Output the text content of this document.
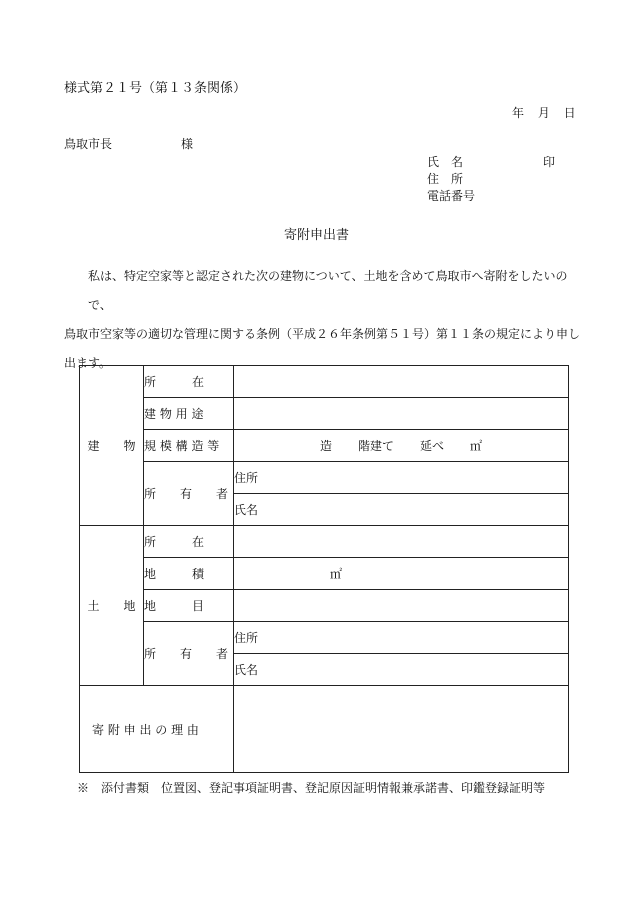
様式第２１号（第１３条関係）
年 月 日
鳥取市長	様
氏　名	印
住　所
電話番号
寄附申出書

私は、特定空家等と認定された次の建物について、土地を含めて鳥取市へ寄附をしたいので、

鳥取市空家等の適切な管理に関する条例（平成２６年条例第５１号）第１１条の規定により申し

出ます。

建　　物	所　　　在	
	建 物 用 途	
	規 模 構 造 等	造 階建て 延べ ㎡

	所　　有　　者	住所
		氏名
土　　地	所　　　在	
	地　　　積	㎡
	地　　　目	
	所　　有　　者	住所
		氏名

寄 附 申 出 の 理 由		

※　添付書類　位置図、登記事項証明書、登記原因証明情報兼承諾書、印鑑登録証明等
